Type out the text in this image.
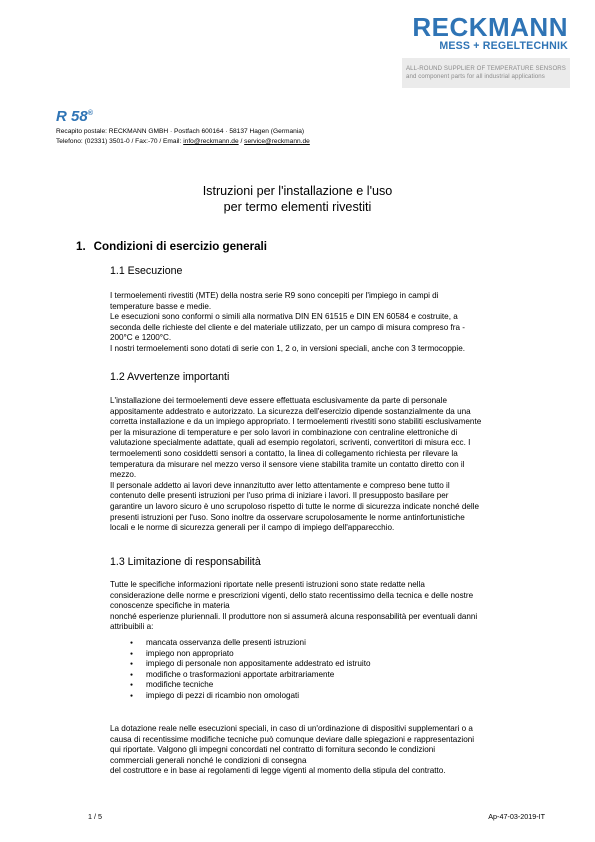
RECKMANN
MESS + REGELTECHNIK
ALL-ROUND SUPPLIER OF TEMPERATURE SENSORS
and component parts for all industrial applications
R 58®
Recapito postale: RECKMANN GMBH · Postfach 600164 · 58137 Hagen (Germania)
Telefono: (02331) 3501-0 / Fax:-70 / Email: info@reckmann.de / service@reckmann.de
Istruzioni per l'installazione e l'uso
per termo elementi rivestiti
1. Condizioni di esercizio generali
1.1 Esecuzione
I termoelementi rivestiti (MTE) della nostra serie R9 sono concepiti per l'impiego in campi di
temperature basse e medie.
Le esecuzioni sono conformi o simili alla normativa DIN EN 61515 e DIN EN 60584 e costruite, a
seconda delle richieste del cliente e del materiale utilizzato, per un campo di misura compreso fra -
200°C e 1200°C.
I nostri termoelementi sono dotati di serie con 1, 2 o, in versioni speciali, anche con 3 termocoppie.
1.2 Avvertenze importanti
L'installazione dei termoelementi deve essere effettuata esclusivamente da parte di personale
appositamente addestrato e autorizzato. La sicurezza dell'esercizio dipende sostanzialmente da una
corretta installazione e da un impiego appropriato. I termoelementi rivestiti sono stabiliti esclusivamente
per la misurazione di temperature e per solo lavori in combinazione con centraline elettroniche di
valutazione specialmente adattate, quali ad esempio regolatori, scriventi, convertitori di misura ecc. I
termoelementi sono cosiddetti sensori a contatto, la linea di collegamento richiesta per rilevare la
temperatura da misurare nel mezzo verso il sensore viene stabilita tramite un contatto diretto con il
mezzo.
Il personale addetto ai lavori deve innanzitutto aver letto attentamente e compreso bene tutto il
contenuto delle presenti istruzioni per l'uso prima di iniziare i lavori. Il presupposto basilare per
garantire un lavoro sicuro è uno scrupoloso rispetto di tutte le norme di sicurezza indicate nonché delle
presenti istruzioni per l'uso. Sono inoltre da osservare scrupolosamente le norme antinfortunistiche
locali e le norme di sicurezza generali per il campo di impiego dell'apparecchio.
1.3 Limitazione di responsabilità
Tutte le specifiche informazioni riportate nelle presenti istruzioni sono state redatte nella
considerazione delle norme e prescrizioni vigenti, dello stato recentissimo della tecnica e delle nostre
conoscenze specifiche in materia
nonché esperienze pluriennali. Il produttore non si assumerà alcuna responsabilità per eventuali danni
attribuibili a:
● mancata osservanza delle presenti istruzioni
● impiego non appropriato
● impiego di personale non appositamente addestrato ed istruito
● modifiche o trasformazioni apportate arbitrariamente
● modifiche tecniche
● impiego di pezzi di ricambio non omologati
La dotazione reale nelle esecuzioni speciali, in caso di un'ordinazione di dispositivi supplementari o a
causa di recentissime modifiche tecniche può comunque deviare dalle spiegazioni e rappresentazioni
qui riportate. Valgono gli impegni concordati nel contratto di fornitura secondo le condizioni
commerciali generali nonché le condizioni di consegna
del costruttore e in base ai regolamenti di legge vigenti al momento della stipula del contratto.
1 / 5	Ap-47-03-2019-IT
